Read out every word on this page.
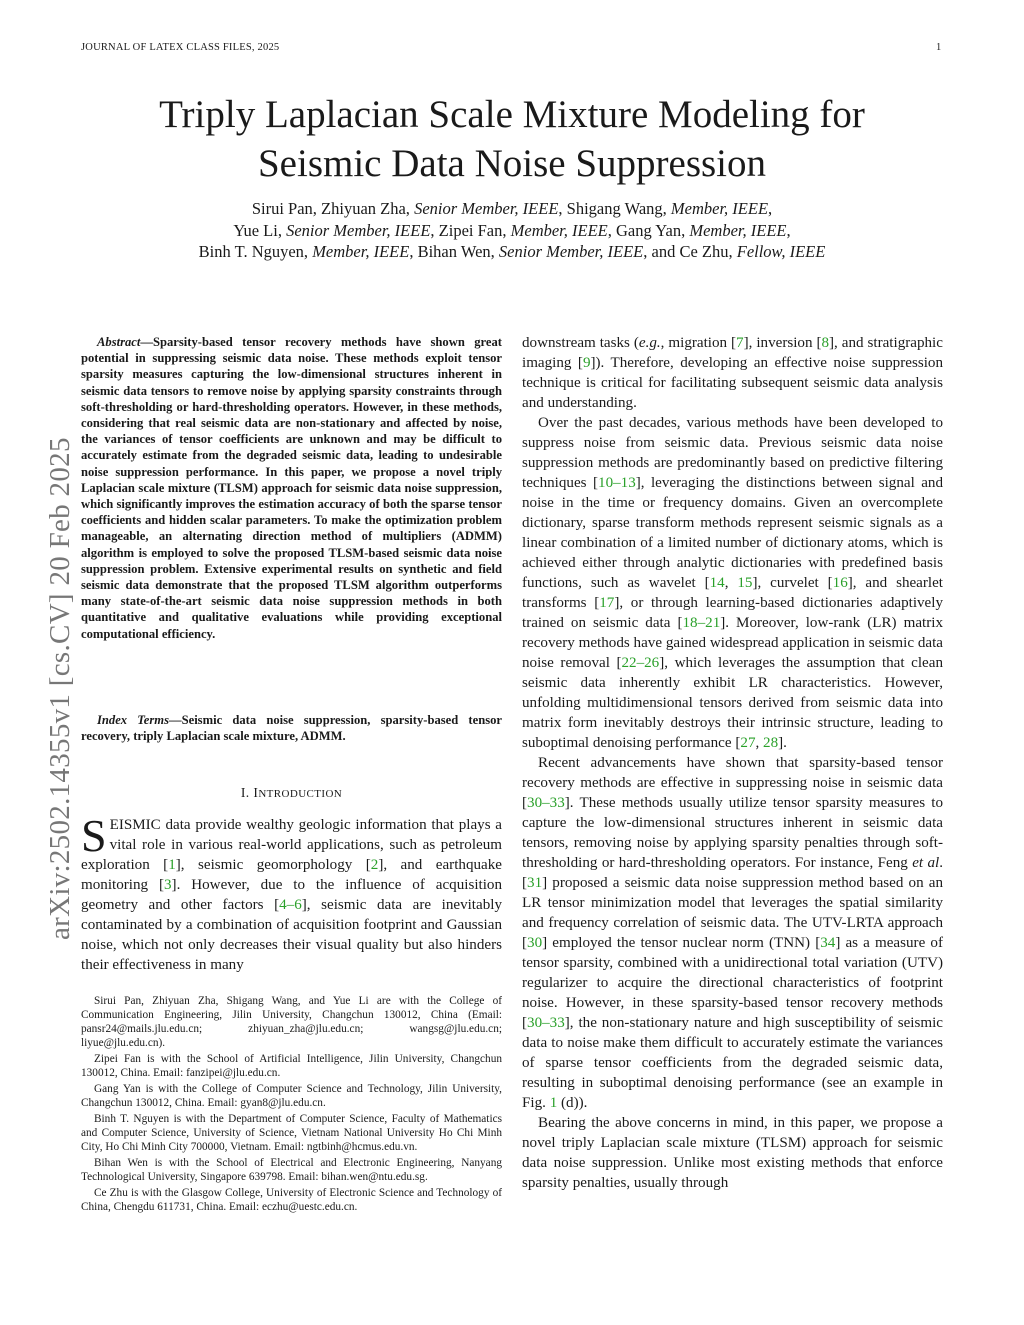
JOURNAL OF LATEX CLASS FILES, 2025	1
arXiv:2502.14355v1 [cs.CV] 20 Feb 2025
Triply Laplacian Scale Mixture Modeling for
Seismic Data Noise Suppression
Sirui Pan, Zhiyuan Zha, Senior Member, IEEE, Shigang Wang, Member, IEEE,
Yue Li, Senior Member, IEEE, Zipei Fan, Member, IEEE, Gang Yan, Member, IEEE,
Binh T. Nguyen, Member, IEEE, Bihan Wen, Senior Member, IEEE, and Ce Zhu, Fellow, IEEE

Abstract—Sparsity-based tensor recovery methods have shown great potential in suppressing seismic data noise. These methods exploit tensor sparsity measures capturing the low-dimensional structures inherent in seismic data tensors to remove noise by applying sparsity constraints through soft-thresholding or hard-thresholding operators. However, in these methods, considering that real seismic data are non-stationary and affected by noise, the variances of tensor coefficients are unknown and may be difficult to accurately estimate from the degraded seismic data, leading to undesirable noise suppression performance. In this paper, we propose a novel triply Laplacian scale mixture (TLSM) approach for seismic data noise suppression, which significantly improves the estimation accuracy of both the sparse tensor coefficients and hidden scalar parameters. To make the optimization problem manageable, an alternating direction method of multipliers (ADMM) algorithm is employed to solve the proposed TLSM-based seismic data noise suppression problem. Extensive experimental results on synthetic and field seismic data demonstrate that the proposed TLSM algorithm outperforms many state-of-the-art seismic data noise suppression methods in both quantitative and qualitative evaluations while providing exceptional computational efficiency.

Index Terms—Seismic data noise suppression, sparsity-based tensor recovery, triply Laplacian scale mixture, ADMM.

I. INTRODUCTION

SEISMIC data provide wealthy geologic information that plays a vital role in various real-world applications, such as petroleum exploration [1], seismic geomorphology [2], and earthquake monitoring [3]. However, due to the influence of acquisition geometry and other factors [4–6], seismic data are inevitably contaminated by a combination of acquisition footprint and Gaussian noise, which not only decreases their visual quality but also hinders their effectiveness in many

Sirui Pan, Zhiyuan Zha, Shigang Wang, and Yue Li are with the College of Communication Engineering, Jilin University, Changchun 130012, China (Email: pansr24@mails.jlu.edu.cn; zhiyuan_zha@jlu.edu.cn; wangsg@jlu.edu.cn; liyue@jlu.edu.cn).

Zipei Fan is with the School of Artificial Intelligence, Jilin University, Changchun 130012, China. Email: fanzipei@jlu.edu.cn.

Gang Yan is with the College of Computer Science and Technology, Jilin University, Changchun 130012, China. Email: gyan8@jlu.edu.cn.

Binh T. Nguyen is with the Department of Computer Science, Faculty of Mathematics and Computer Science, University of Science, Vietnam National University Ho Chi Minh City, Ho Chi Minh City 700000, Vietnam. Email: ngtbinh@hcmus.edu.vn.

Bihan Wen is with the School of Electrical and Electronic Engineering, Nanyang Technological University, Singapore 639798. Email: bihan.wen@ntu.edu.sg.

Ce Zhu is with the Glasgow College, University of Electronic Science and Technology of China, Chengdu 611731, China. Email: eczhu@uestc.edu.cn.

downstream tasks (e.g., migration [7], inversion [8], and stratigraphic imaging [9]). Therefore, developing an effective noise suppression technique is critical for facilitating subsequent seismic data analysis and understanding.

Over the past decades, various methods have been developed to suppress noise from seismic data. Previous seismic data noise suppression methods are predominantly based on predictive filtering techniques [10–13], leveraging the distinctions between signal and noise in the time or frequency domains. Given an overcomplete dictionary, sparse transform methods represent seismic signals as a linear combination of a limited number of dictionary atoms, which is achieved either through analytic dictionaries with predefined basis functions, such as wavelet [14, 15], curvelet [16], and shearlet transforms [17], or through learning-based dictionaries adaptively trained on seismic data [18–21]. Moreover, low-rank (LR) matrix recovery methods have gained widespread application in seismic data noise removal [22–26], which leverages the assumption that clean seismic data inherently exhibit LR characteristics. However, unfolding multidimensional tensors derived from seismic data into matrix form inevitably destroys their intrinsic structure, leading to suboptimal denoising performance [27, 28].

Recent advancements have shown that sparsity-based tensor recovery methods are effective in suppressing noise in seismic data [30–33]. These methods usually utilize tensor sparsity measures to capture the low-dimensional structures inherent in seismic data tensors, removing noise by applying sparsity penalties through soft-thresholding or hard-thresholding operators. For instance, Feng et al. [31] proposed a seismic data noise suppression method based on an LR tensor minimization model that leverages the spatial similarity and frequency correlation of seismic data. The UTV-LRTA approach [30] employed the tensor nuclear norm (TNN) [34] as a measure of tensor sparsity, combined with a unidirectional total variation (UTV) regularizer to acquire the directional characteristics of footprint noise. However, in these sparsity-based tensor recovery methods [30–33], the non-stationary nature and high susceptibility of seismic data to noise make them difficult to accurately estimate the variances of sparse tensor coefficients from the degraded seismic data, resulting in suboptimal denoising performance (see an example in Fig. 1 (d)).

Bearing the above concerns in mind, in this paper, we propose a novel triply Laplacian scale mixture (TLSM) approach for seismic data noise suppression. Unlike most existing methods that enforce sparsity penalties, usually through
